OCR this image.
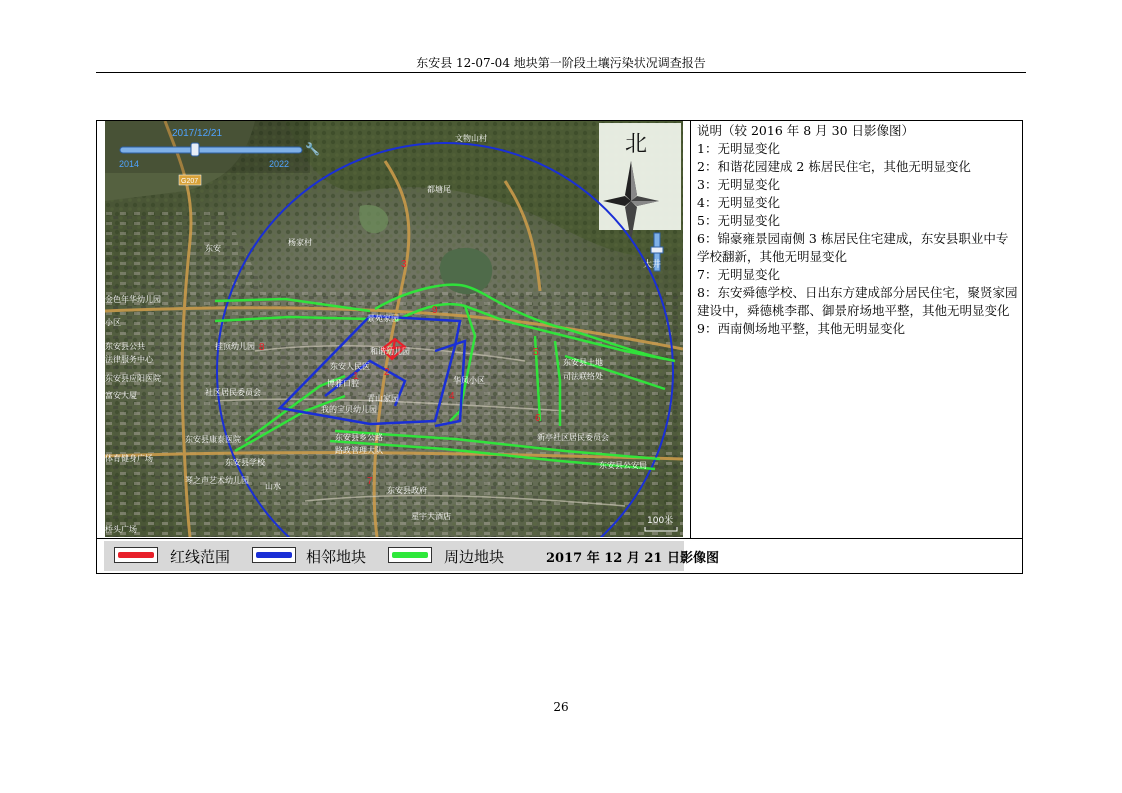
东安县 12-07-04 地块第一阶段土壤污染状况调查报告
2017/12/21
2014	2022
🔧
G207
北
大井
1	2
3
4
5
6
7
8
9
文物山村
都塘尾
杨家村
金色年华幼儿园
小区
挂顶幼儿园
东安县公共
法律服务中心
东安县应阳医院
富安大厦	社区居民委员会
和谐幼儿园
东安人民医
博雅口腔
我的宝贝幼儿园
东安县康泰医院	东安县乡公路
路政管理大队
琴之声艺术幼儿园
东安县政府
星宇大酒店
东安县公安局
东安县土地
司法联络处
新亭社区居民委员会
体育健身广场
景苑家园
华凤小区
青山家园
桥头广场
东安
山水
东安县学校
100米
说明（较 2016 年 8 月 30 日影像图）
1：无明显变化
2：和谐花园建成 2 栋居民住宅，其他无明显变化
3：无明显变化
4：无明显变化
5：无明显变化
6：锦豪雍景园南侧 3 栋居民住宅建成，东安县职业中专学校翻新，其他无明显变化
7：无明显变化
8：东安舜德学校、日出东方建成部分居民住宅，聚贤家园建设中，舜德桃李郡、御景府场地平整，其他无明显变化
9：西南侧场地平整，其他无明显变化
红线范围	相邻地块	周边地块	2017 年 12 月 21 日影像图
26
